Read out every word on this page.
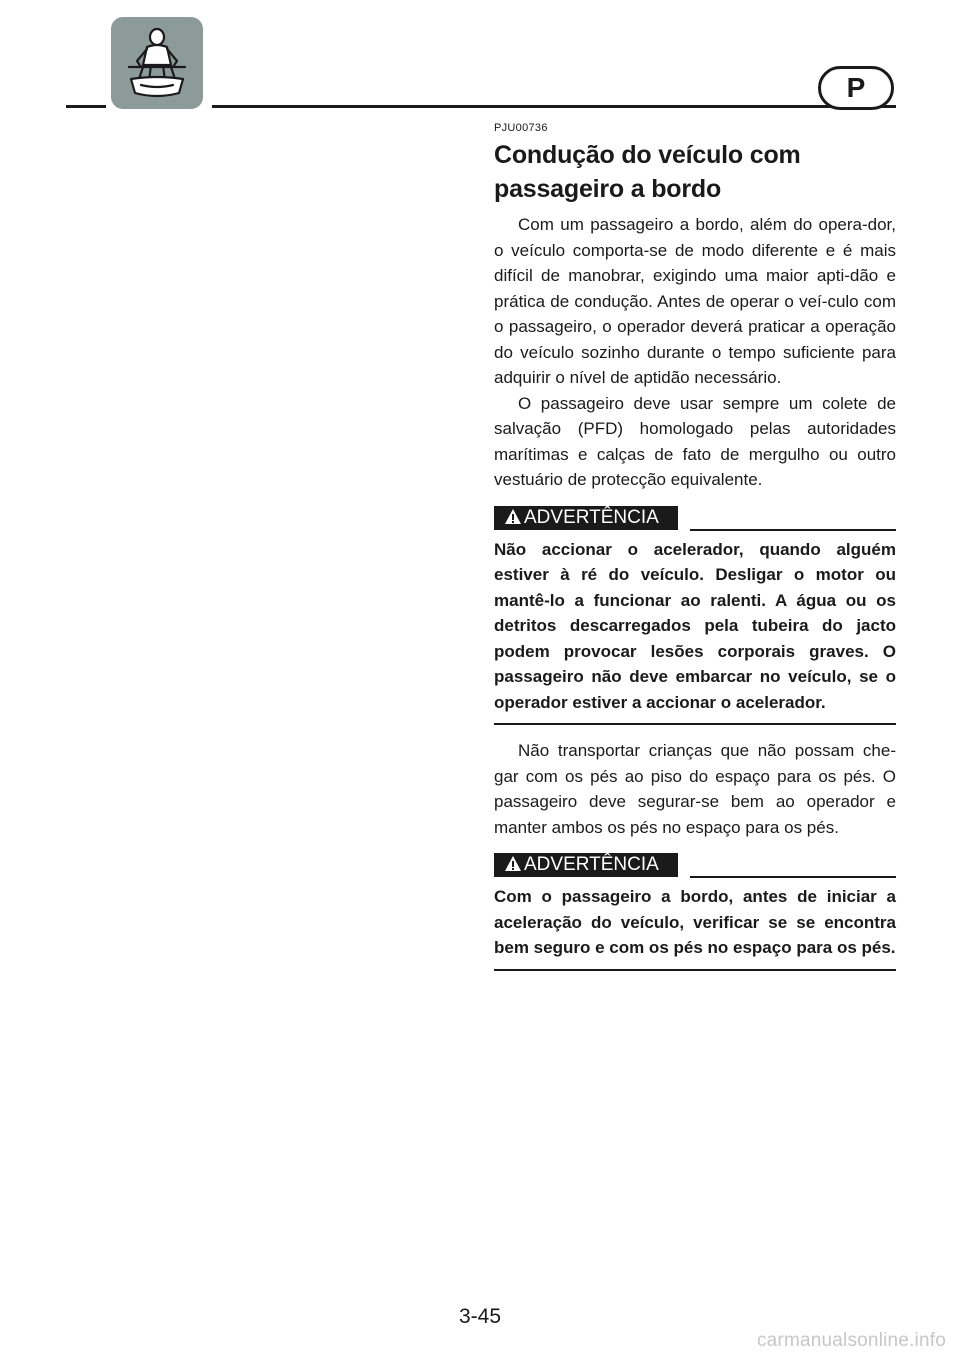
P
PJU00736
Condução do veículo com passageiro a bordo

Com um passageiro a bordo, além do opera-dor, o veículo comporta-se de modo diferente e é mais difícil de manobrar, exigindo uma maior apti-dão e prática de condução. Antes de operar o veí-culo com o passageiro, o operador deverá praticar a operação do veículo sozinho durante o tempo suficiente para adquirir o nível de aptidão necessário.

O passageiro deve usar sempre um colete de salvação (PFD) homologado pelas autoridades marítimas e calças de fato de mergulho ou outro vestuário de protecção equivalente.

ADVERTÊNCIA

Não accionar o acelerador, quando alguém estiver à ré do veículo. Desligar o motor ou mantê-lo a funcionar ao ralenti. A água ou os detritos descarregados pela tubeira do jacto podem provocar lesões corporais graves. O passageiro não deve embarcar no veículo, se o operador estiver a accionar o acelerador.

Não transportar crianças que não possam che-gar com os pés ao piso do espaço para os pés. O passageiro deve segurar-se bem ao operador e manter ambos os pés no espaço para os pés.

ADVERTÊNCIA

Com o passageiro a bordo, antes de iniciar a aceleração do veículo, verificar se se encontra bem seguro e com os pés no espaço para os pés.

3-45
carmanualsonline.info
